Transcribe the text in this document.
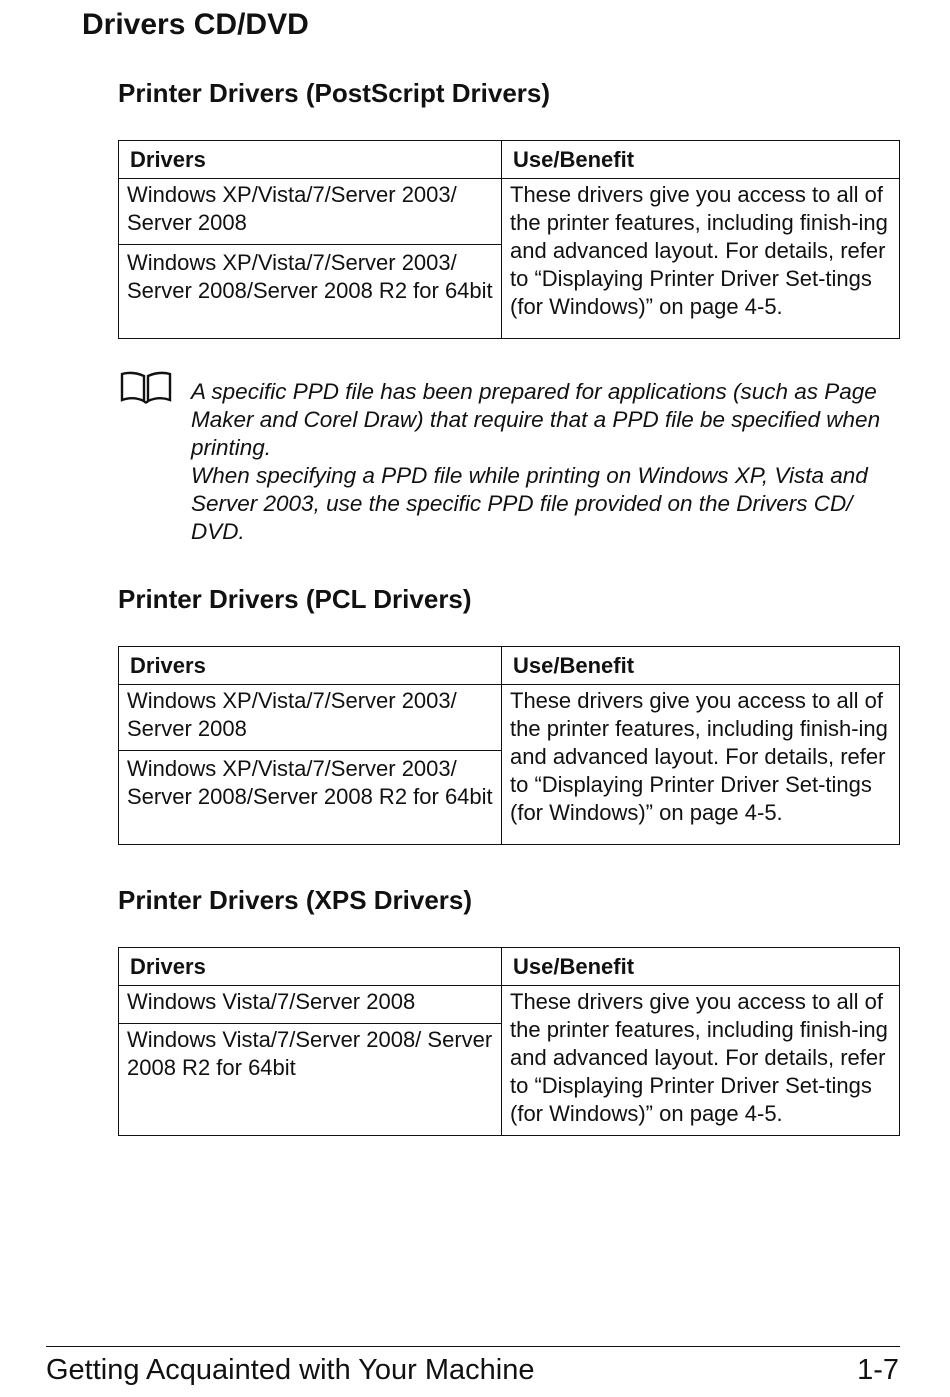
Drivers CD/DVD
Printer Drivers (PostScript Drivers)
Drivers	Use/Benefit
Windows XP/Vista/7/Server 2003/ Server 2008	These drivers give you access to all of the printer features, including finish-ing and advanced layout. For details, refer to “Displaying Printer Driver Set-tings (for Windows)” on page 4-5.
Windows XP/Vista/7/Server 2003/ Server 2008/Server 2008 R2 for 64bit	

A specific PPD file has been prepared for applications (such as Page Maker and Corel Draw) that require that a PPD file be specified when printing.

When specifying a PPD file while printing on Windows XP, Vista and Server 2003, use the specific PPD file provided on the Drivers CD/ DVD.

Printer Drivers (PCL Drivers)
Drivers	Use/Benefit
Windows XP/Vista/7/Server 2003/ Server 2008	These drivers give you access to all of the printer features, including finish-ing and advanced layout. For details, refer to “Displaying Printer Driver Set-tings (for Windows)” on page 4-5.
Windows XP/Vista/7/Server 2003/ Server 2008/Server 2008 R2 for 64bit	
Printer Drivers (XPS Drivers)
Drivers	Use/Benefit
Windows Vista/7/Server 2008	These drivers give you access to all of the printer features, including finish-ing and advanced layout. For details, refer to “Displaying Printer Driver Set-tings (for Windows)” on page 4-5.
Windows Vista/7/Server 2008/ Server 2008 R2 for 64bit	
Getting Acquainted with Your Machine	1-7
